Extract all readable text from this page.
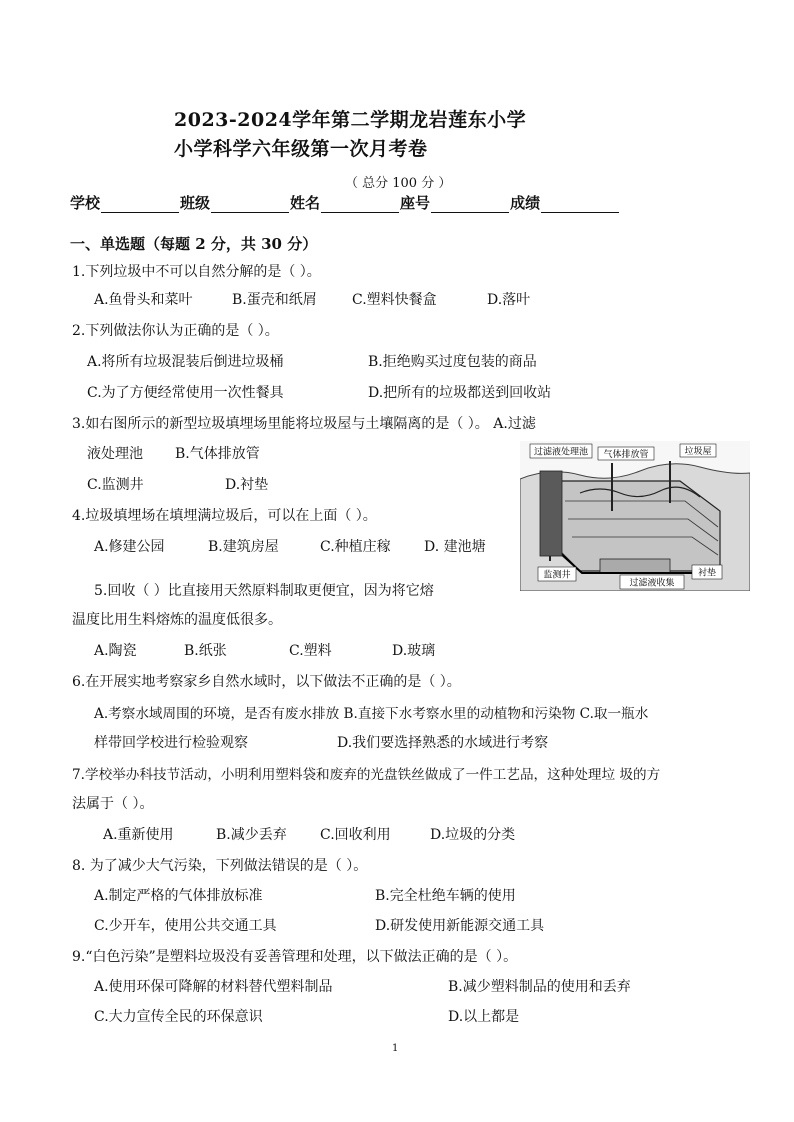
2023-2024学年第二学期龙岩莲东小学
小学科学六年级第一次月考卷
（ 总分 100 分 ）
学校	班级	姓名	座号	成绩
一、单选题（每题 2 分，共 30 分）
1.下列垃圾中不可以自然分解的是（ ）。
A.鱼骨头和菜叶	B.蛋壳和纸屑	C.塑料快餐盒	D.落叶
2.下列做法你认为正确的是（ ）。
A.将所有垃圾混装后倒进垃圾桶	B.拒绝购买过度包装的商品
C.为了方便经常使用一次性餐具	D.把所有的垃圾都送到回收站
3.如右图所示的新型垃圾填埋场里能将垃圾屋与土壤隔离的是（ ）。 A.过滤
液处理池 B.气体排放管
C.监测井	D.衬垫
4.垃圾填埋场在填埋满垃圾后，可以在上面（ ）。
A.修建公园	B.建筑房屋	C.种植庄稼 D. 建池塘
5.回收（ ）比直接用天然原料制取更便宜，因为将它熔
温度比用生料熔炼的温度低很多。
A.陶瓷	B.纸张	C.塑料	D.玻璃
6.在开展实地考察家乡自然水域时，以下做法不正确的是（ ）。
A.考察水域周围的环境，是否有废水排放 B.直接下水考察水里的动植物和污染物 C.取一瓶水
样带回学校进行检验观察	D.我们要选择熟悉的水域进行考察
7.学校举办科技节活动，小明利用塑料袋和废弃的光盘铁丝做成了一件工艺品，这种处理垃 圾的方
法属于（ ）。
A.重新使用	B.减少丢弃 C.回收利用	D.垃圾的分类
8. 为了减少大气污染，下列做法错误的是（ ）。
A.制定严格的气体排放标准	B.完全杜绝车辆的使用
C.少开车，使用公共交通工具	D.研发使用新能源交通工具
9.“白色污染”是塑料垃圾没有妥善管理和处理，以下做法正确的是（ ）。
A.使用环保可降解的材料替代塑料制品	B.减少塑料制品的使用和丢弃
C.大力宣传全民的环保意识	D.以上都是
过滤液处理池 气体排放管	垃圾屋
监测井
过滤液收集
衬垫
1
